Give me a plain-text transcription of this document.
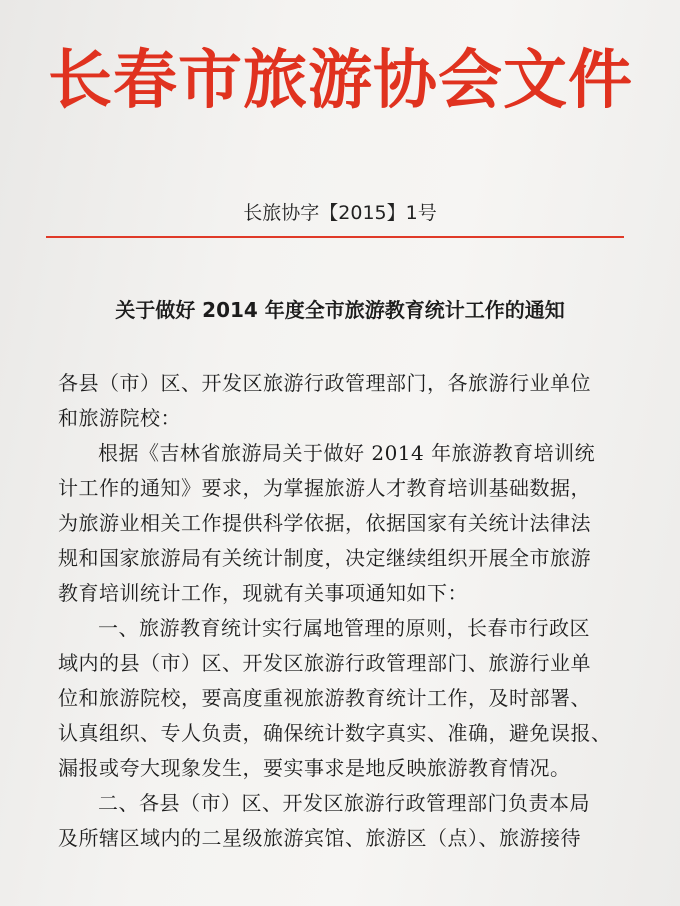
长春市旅游协会文件
长旅协字【2015】1号
关于做好 2014 年度全市旅游教育统计工作的通知
各县（市）区、开发区旅游行政管理部门，各旅游行业单位
和旅游院校：
根据《吉林省旅游局关于做好 2014 年旅游教育培训统
计工作的通知》要求，为掌握旅游人才教育培训基础数据，
为旅游业相关工作提供科学依据，依据国家有关统计法律法
规和国家旅游局有关统计制度，决定继续组织开展全市旅游
教育培训统计工作，现就有关事项通知如下：
一、旅游教育统计实行属地管理的原则，长春市行政区
域内的县（市）区、开发区旅游行政管理部门、旅游行业单
位和旅游院校，要高度重视旅游教育统计工作，及时部署、
认真组织、专人负责，确保统计数字真实、准确，避免误报、
漏报或夸大现象发生，要实事求是地反映旅游教育情况。
二、各县（市）区、开发区旅游行政管理部门负责本局
及所辖区域内的二星级旅游宾馆、旅游区（点）、旅游接待
